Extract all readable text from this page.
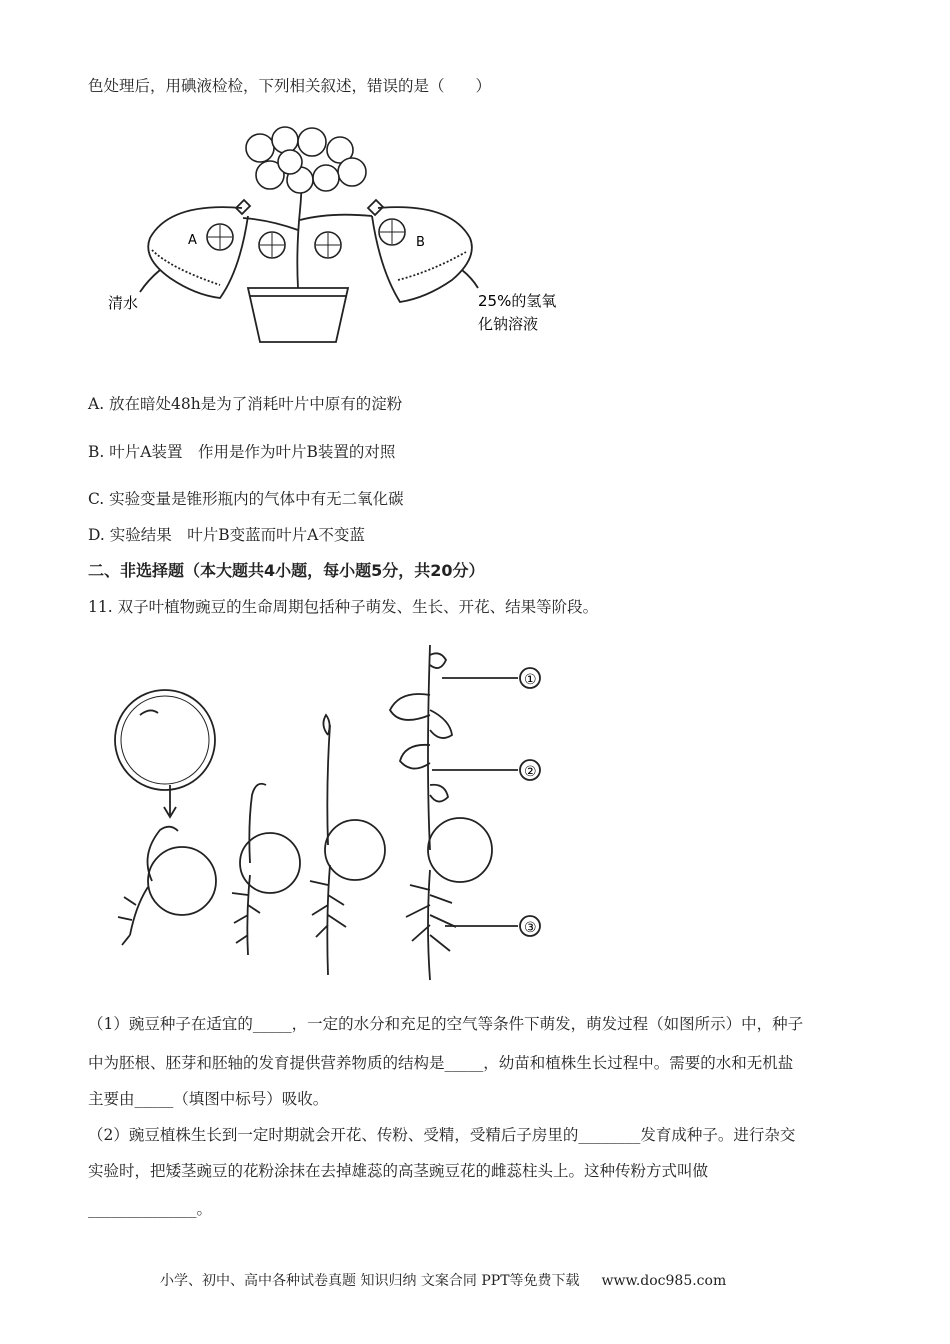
色处理后，用碘液检检，下列相关叙述，错误的是（　　）
A	B
清水	25%的氢氧
化钠溶液
A. 放在暗处48h是为了消耗叶片中原有的淀粉
B. 叶片A装置　作用是作为叶片B装置的对照
C. 实验变量是锥形瓶内的气体中有无二氧化碳
D. 实验结果　叶片B变蓝而叶片A不变蓝
二、非选择题（本大题共4小题，每小题5分，共20分）
11. 双子叶植物豌豆的生命周期包括种子萌发、生长、开花、结果等阶段。
①
②
③
（1）豌豆种子在适宜的_____，一定的水分和充足的空气等条件下萌发，萌发过程（如图所示）中，种子
中为胚根、胚芽和胚轴的发育提供营养物质的结构是_____，幼苗和植株生长过程中。需要的水和无机盐
主要由_____（填图中标号）吸收。
（2）豌豆植株生长到一定时期就会开花、传粉、受精，受精后子房里的________发育成种子。进行杂交
实验时，把矮茎豌豆的花粉涂抹在去掉雄蕊的高茎豌豆花的雌蕊柱头上。这种传粉方式叫做
______________。
小学、初中、高中各种试卷真题 知识归纳 文案合同 PPT等免费下载 www.doc985.com
